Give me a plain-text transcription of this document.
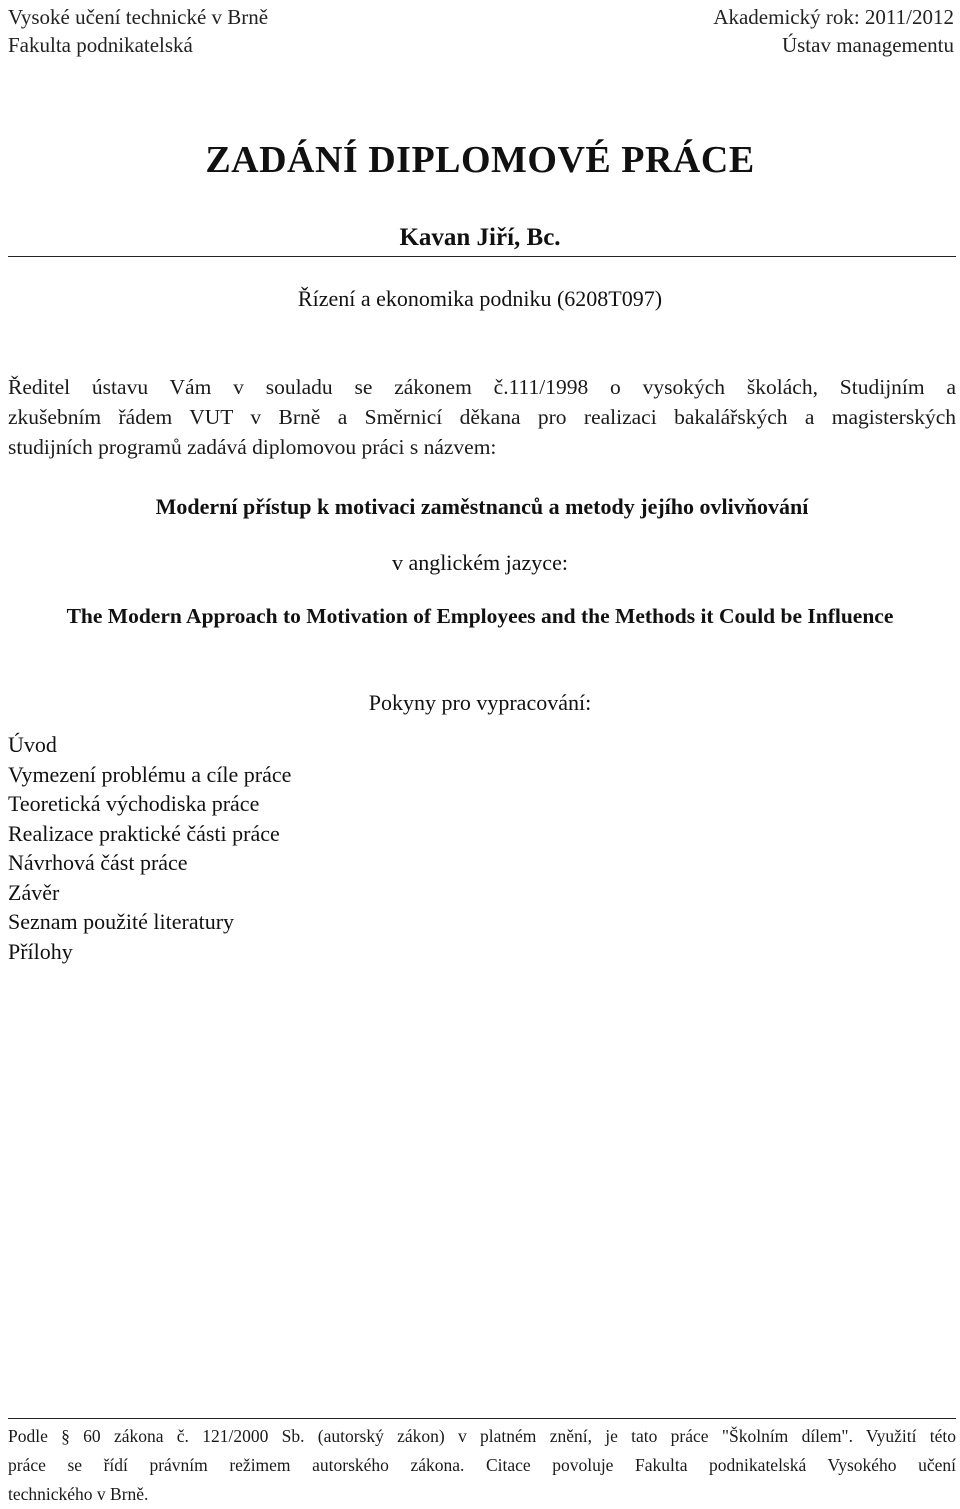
Vysoké učení technické v Brně
Fakulta podnikatelská
Akademický rok: 2011/2012
Ústav managementu
ZADÁNÍ DIPLOMOVÉ PRÁCE
Kavan Jiří, Bc.
Řízení a ekonomika podniku (6208T097)
Ředitel ústavu Vám v souladu se zákonem č.111/1998 o vysokých školách, Studijním a
zkušebním řádem VUT v Brně a Směrnicí děkana pro realizaci bakalářských a magisterských
studijních programů zadává diplomovou práci s názvem:
Moderní přístup k motivaci zaměstnanců a metody jejího ovlivňování
v anglickém jazyce:
The Modern Approach to Motivation of Employees and the Methods it Could be Influence
Pokyny pro vypracování:
Úvod
Vymezení problému a cíle práce
Teoretická východiska práce
Realizace praktické části práce
Návrhová část práce
Závěr
Seznam použité literatury
Přílohy
Podle § 60 zákona č. 121/2000 Sb. (autorský zákon) v platném znění, je tato práce "Školním dílem". Využití této
práce se řídí právním režimem autorského zákona. Citace povoluje Fakulta podnikatelská Vysokého učení
technického v Brně.
